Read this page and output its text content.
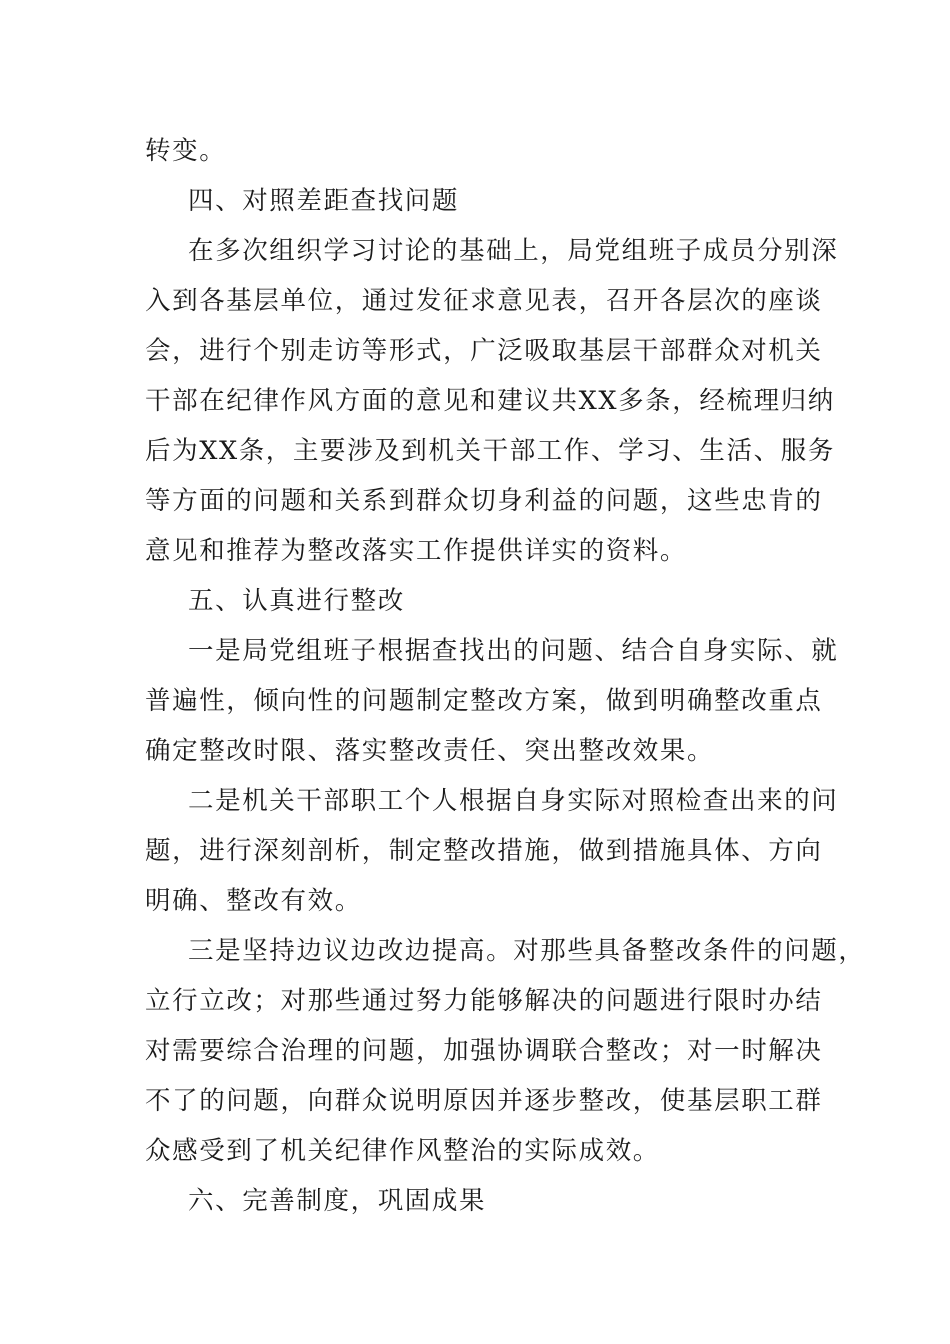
转变。
四、对照差距查找问题
在多次组织学习讨论的基础上，局党组班子成员分别深
入到各基层单位，通过发征求意见表，召开各层次的座谈
会，进行个别走访等形式，广泛吸取基层干部群众对机关
干部在纪律作风方面的意见和建议共XX多条，经梳理归纳
后为XX条，主要涉及到机关干部工作、学习、生活、服务
等方面的问题和关系到群众切身利益的问题，这些忠肯的
意见和推荐为整改落实工作提供详实的资料。
五、认真进行整改
一是局党组班子根据查找出的问题、结合自身实际、就
普遍性，倾向性的问题制定整改方案，做到明确整改重点
确定整改时限、落实整改责任、突出整改效果。
二是机关干部职工个人根据自身实际对照检查出来的问
题，进行深刻剖析，制定整改措施，做到措施具体、方向
明确、整改有效。
三是坚持边议边改边提高。对那些具备整改条件的问题，
立行立改；对那些通过努力能够解决的问题进行限时办结
对需要综合治理的问题，加强协调联合整改；对一时解决
不了的问题，向群众说明原因并逐步整改，使基层职工群
众感受到了机关纪律作风整治的实际成效。
六、完善制度，巩固成果
